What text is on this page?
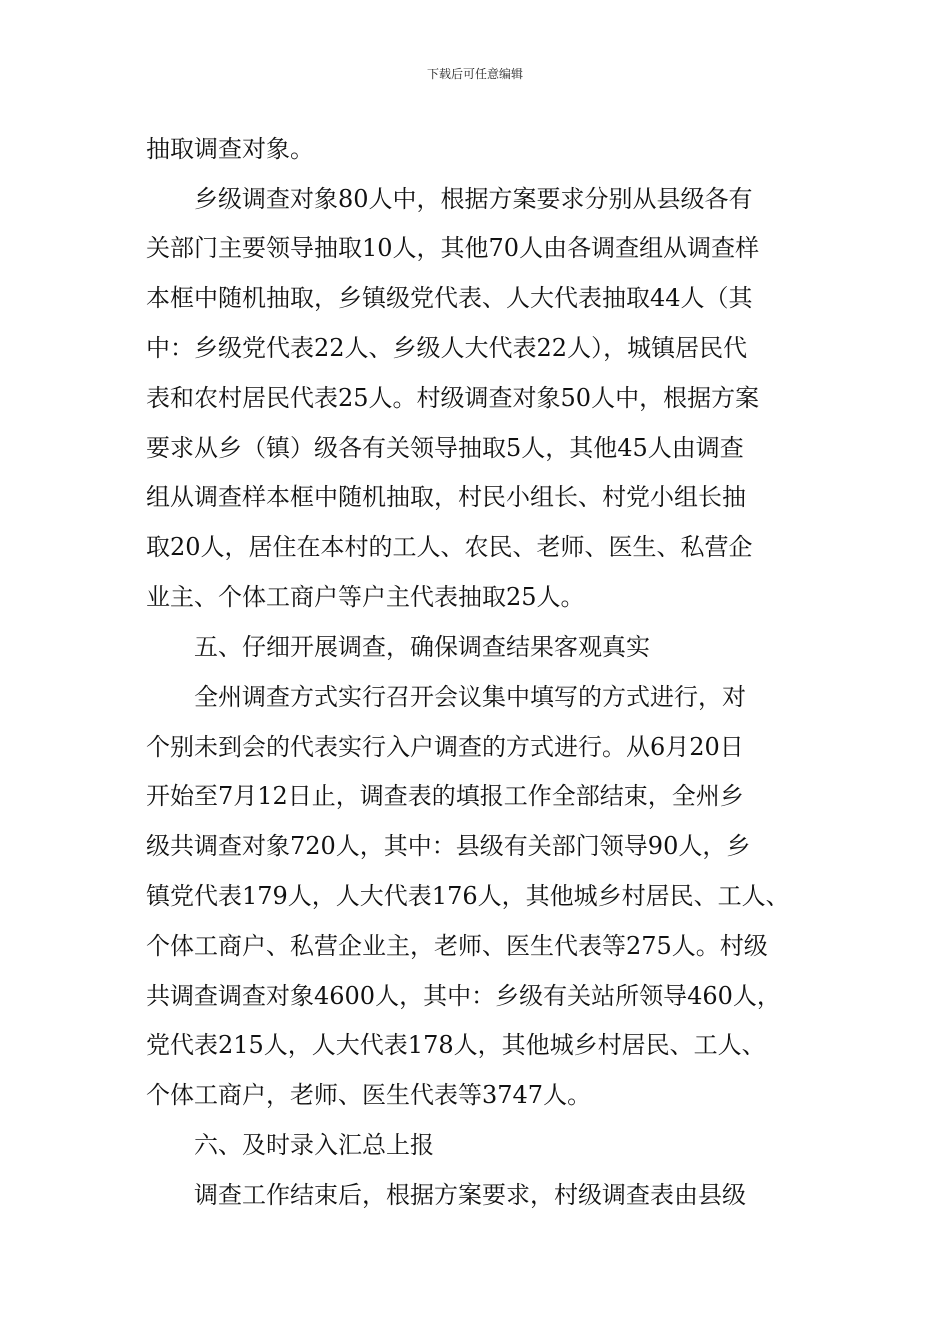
下载后可任意编辑
抽取调查对象。
　　乡级调查对象80人中，根据方案要求分别从县级各有
关部门主要领导抽取10人，其他70人由各调查组从调查样
本框中随机抽取，乡镇级党代表、人大代表抽取44人（其
中：乡级党代表22人、乡级人大代表22人），城镇居民代
表和农村居民代表25人。村级调查对象50人中，根据方案
要求从乡（镇）级各有关领导抽取5人，其他45人由调查
组从调查样本框中随机抽取，村民小组长、村党小组长抽
取20人，居住在本村的工人、农民、老师、医生、私营企
业主、个体工商户等户主代表抽取25人。
　　五、仔细开展调查，确保调查结果客观真实
　　全州调查方式实行召开会议集中填写的方式进行，对
个别未到会的代表实行入户调查的方式进行。从6月20日
开始至7月12日止，调查表的填报工作全部结束，全州乡
级共调查对象720人，其中：县级有关部门领导90人，乡
镇党代表179人，人大代表176人，其他城乡村居民、工人、
个体工商户、私营企业主，老师、医生代表等275人。村级
共调查调查对象4600人，其中：乡级有关站所领导460人，
党代表215人，人大代表178人，其他城乡村居民、工人、
个体工商户，老师、医生代表等3747人。
　　六、及时录入汇总上报
　　调查工作结束后，根据方案要求，村级调查表由县级
